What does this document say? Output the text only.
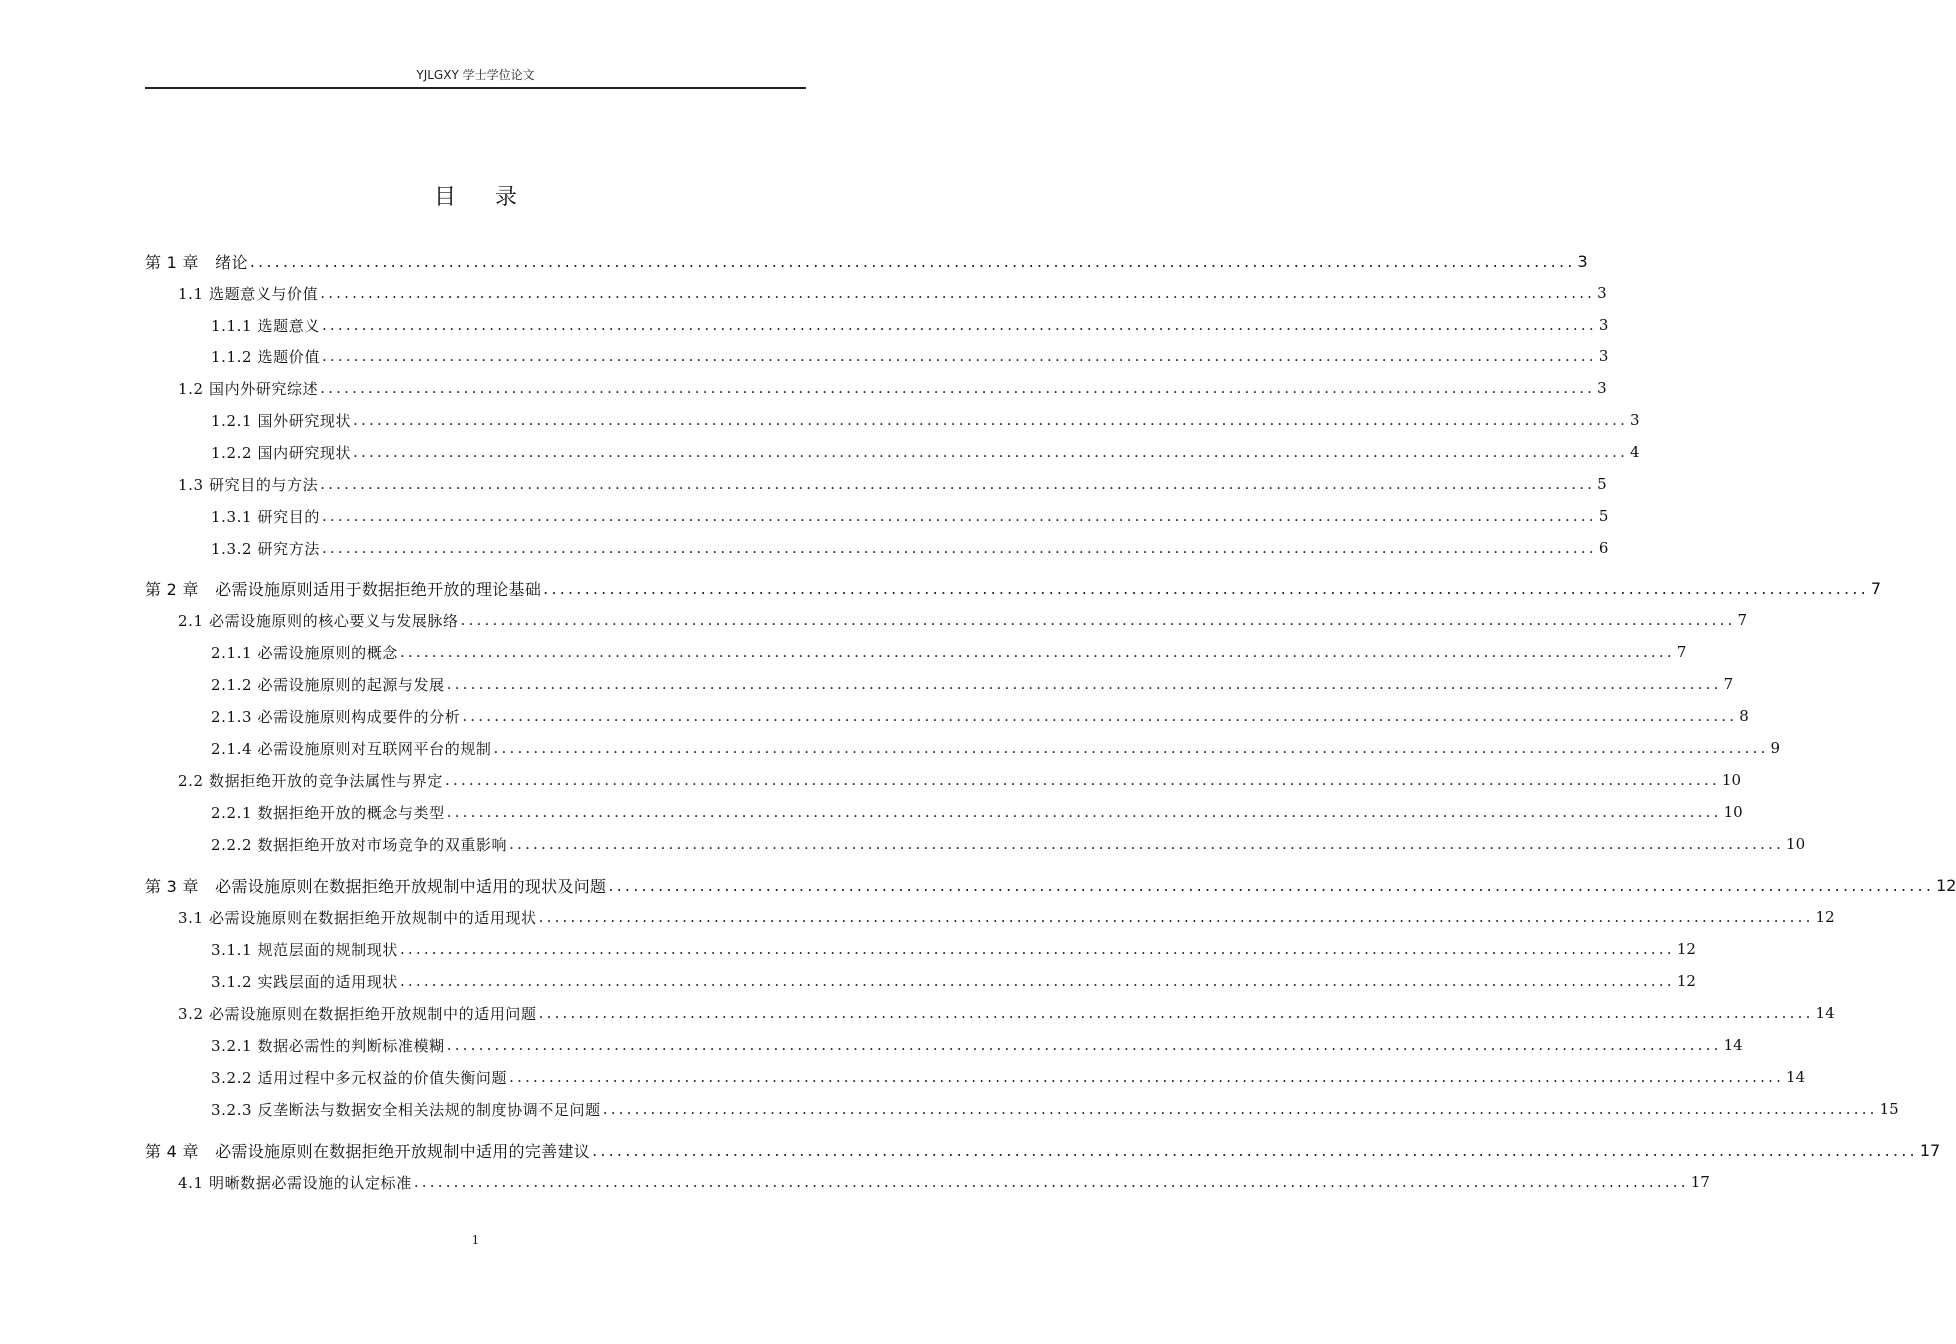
YJLGXY 学士学位论文
目 录
第 1 章　绪论 ................................................................................................................................................................ 3
1.1 选题意义与价值 ................................................................................................................................................................ 3
1.1.1 选题意义 ................................................................................................................................................................ 3
1.1.2 选题价值 ................................................................................................................................................................ 3
1.2 国内外研究综述 ................................................................................................................................................................ 3
1.2.1 国外研究现状 ................................................................................................................................................................ 3
1.2.2 国内研究现状 ................................................................................................................................................................ 4
1.3 研究目的与方法 ................................................................................................................................................................ 5
1.3.1 研究目的 ................................................................................................................................................................ 5
1.3.2 研究方法 ................................................................................................................................................................ 6
第 2 章　必需设施原则适用于数据拒绝开放的理论基础 ................................................................................................................................................................ 7
2.1 必需设施原则的核心要义与发展脉络 ................................................................................................................................................................ 7
2.1.1 必需设施原则的概念 ................................................................................................................................................................ 7
2.1.2 必需设施原则的起源与发展 ................................................................................................................................................................ 7
2.1.3 必需设施原则构成要件的分析 ................................................................................................................................................................ 8
2.1.4 必需设施原则对互联网平台的规制 ................................................................................................................................................................ 9
2.2 数据拒绝开放的竞争法属性与界定 ................................................................................................................................................................ 10
2.2.1 数据拒绝开放的概念与类型 ................................................................................................................................................................ 10
2.2.2 数据拒绝开放对市场竞争的双重影响 ................................................................................................................................................................ 10
第 3 章　必需设施原则在数据拒绝开放规制中适用的现状及问题 ................................................................................................................................................................ 12
3.1 必需设施原则在数据拒绝开放规制中的适用现状 ................................................................................................................................................................ 12
3.1.1 规范层面的规制现状 ................................................................................................................................................................ 12
3.1.2 实践层面的适用现状 ................................................................................................................................................................ 12
3.2 必需设施原则在数据拒绝开放规制中的适用问题 ................................................................................................................................................................ 14
3.2.1 数据必需性的判断标准模糊 ................................................................................................................................................................ 14
3.2.2 适用过程中多元权益的价值失衡问题 ................................................................................................................................................................ 14
3.2.3 反垄断法与数据安全相关法规的制度协调不足问题 ................................................................................................................................................................ 15
第 4 章　必需设施原则在数据拒绝开放规制中适用的完善建议 ................................................................................................................................................................ 17
4.1 明晰数据必需设施的认定标准 ................................................................................................................................................................ 17
1
